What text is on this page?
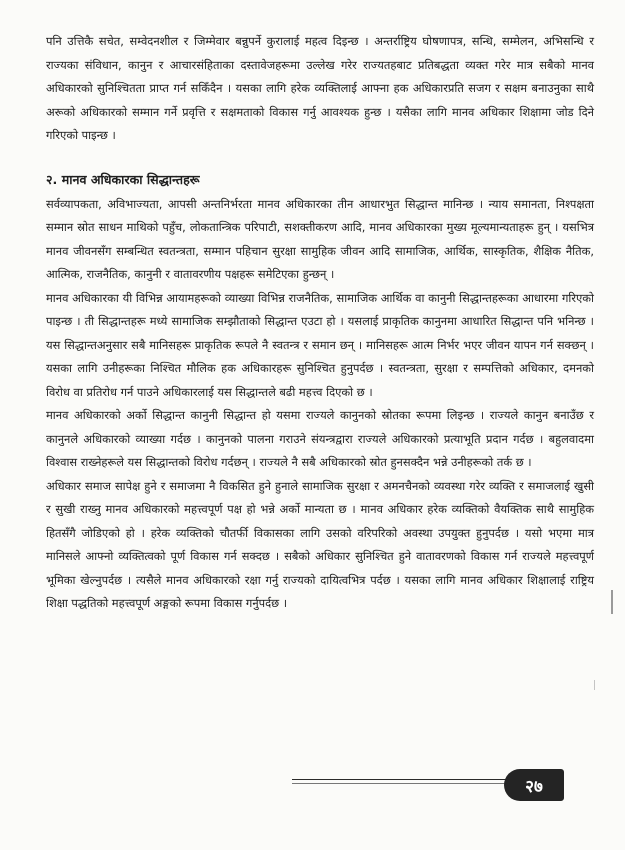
पनि उत्तिकै सचेत, सम्वेदनशील र जिम्मेवार बन्नुपर्ने कुरालाई महत्व दिइन्छ । अन्तर्राष्ट्रिय घोषणापत्र, सन्धि, सम्मेलन, अभिसन्धि र राज्यका संविधान, कानुन र आचारसंहिताका दस्तावेजहरूमा उल्लेख गरेर राज्यतहबाट प्रतिबद्धता व्यक्त गरेर मात्र सबैको मानव अधिकारको सुनिश्चितता प्राप्त गर्न सकिँदैन । यसका लागि हरेक व्यक्तिलाई आफ्ना हक अधिकारप्रति सजग र सक्षम बनाउनुका साथै अरूको अधिकारको सम्मान गर्ने प्रवृत्ति र सक्षमताको विकास गर्नु आवश्यक हुन्छ । यसैका लागि मानव अधिकार शिक्षामा जोड दिने गरिएको पाइन्छ ।

२. मानव अधिकारका सिद्धान्तहरू

सर्वव्यापकता, अविभाज्यता, आपसी अन्तनिर्भरता मानव अधिकारका तीन आधारभुत सिद्धान्त मानिन्छ । न्याय समानता, निश्पक्षता सम्मान स्रोत साधन माथिको पहुँच, लोकतान्त्रिक परिपाटी, सशक्तीकरण आदि, मानव अधिकारका मुख्य मूल्यमान्यताहरू हुन् । यसभित्र मानव जीवनसँग सम्बन्धित स्वतन्त्रता, सम्मान पहिचान सुरक्षा सामुहिक जीवन आदि सामाजिक, आर्थिक, सास्कृतिक, शैक्षिक नैतिक, आत्मिक, राजनैतिक, कानुनी र वातावरणीय पक्षहरू समेटिएका हुन्छन् ।

मानव अधिकारका यी विभिन्न आयामहरूको व्याख्या विभिन्न राजनैतिक, सामाजिक आर्थिक वा कानुनी सिद्धान्तहरूका आधारमा गरिएको पाइन्छ । ती सिद्धान्तहरू मध्ये सामाजिक सम्झौताको सिद्धान्त एउटा हो । यसलाई प्राकृतिक कानुनमा आधारित सिद्धान्त पनि भनिन्छ । यस सिद्धान्तअनुसार सबै मानिसहरू प्राकृतिक रूपले नै स्वतन्त्र र समान छन् । मानिसहरू आत्म निर्भर भएर जीवन यापन गर्न सक्छन् । यसका लागि उनीहरूका निश्चित मौलिक हक अधिकारहरू सुनिश्चित हुनुपर्दछ । स्वतन्त्रता, सुरक्षा र सम्पत्तिको अधिकार, दमनको विरोध वा प्रतिरोध गर्न पाउने अधिकारलाई यस सिद्धान्तले बढी महत्त्व दिएको छ ।

मानव अधिकारको अर्को सिद्धान्त कानुनी सिद्धान्त हो यसमा राज्यले कानुनको स्रोतका रूपमा लिइन्छ । राज्यले कानुन बनाउँछ र कानुनले अधिकारको व्याख्या गर्दछ । कानुनको पालना गराउने संयन्त्रद्वारा राज्यले अधिकारको प्रत्याभूति प्रदान गर्दछ । बहुलवादमा विश्वास राख्नेहरूले यस सिद्धान्तको विरोध गर्दछन् । राज्यले नै सबै अधिकारको स्रोत हुनसक्दैन भन्ने उनीहरूको तर्क छ ।

अधिकार समाज सापेक्ष हुने र समाजमा नै विकसित हुने हुनाले सामाजिक सुरक्षा र अमनचैनको व्यवस्था गरेर व्यक्ति र समाजलाई खुसी र सुखी राख्नु मानव अधिकारको महत्त्वपूर्ण पक्ष हो भन्ने अर्को मान्यता छ । मानव अधिकार हरेक व्यक्तिको वैयक्तिक साथै सामुहिक हितसँगै जोडिएको हो । हरेक व्यक्तिको चौतर्फी विकासका लागि उसको वरिपरिको अवस्था उपयुक्त हुनुपर्दछ । यसो भएमा मात्र मानिसले आफ्नो व्यक्तित्वको पूर्ण विकास गर्न सक्दछ । सबैको अधिकार सुनिश्चित हुने वातावरणको विकास गर्न राज्यले महत्त्वपूर्ण भूमिका खेल्नुपर्दछ । त्यसैले मानव अधिकारको रक्षा गर्नु राज्यको दायित्वभित्र पर्दछ । यसका लागि मानव अधिकार शिक्षालाई राष्ट्रिय शिक्षा पद्धतिको महत्त्वपूर्ण अङ्गको रूपमा विकास गर्नुपर्दछ ।

२७
